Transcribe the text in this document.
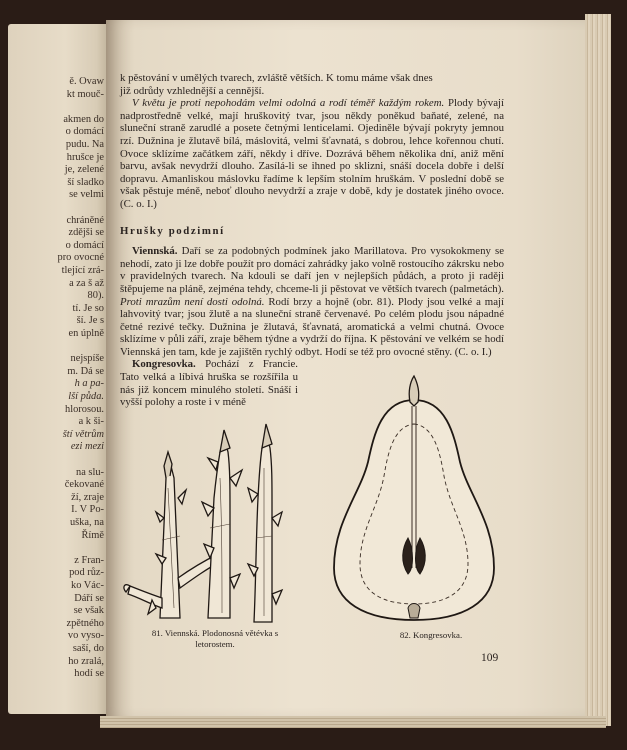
ě. Ovaw
kt mouč-
akmen do
o domácí
pudu. Na
hrušce je
je, zelené
ší sladko
se velmi
chráněné
zdějši se
o domácí
pro ovocné
tlející zrá-
a za š až
80).
tí. Je so
ší. Je s
en úplně
nejspíše
m. Dá se
h a pa-
lší půda.
hlorosou.
a k ši-
ští větrům
ezi mezi
na slu-
čekované
ží, zraje
I. V Po-
uška, na
Římě
z Fran-
pod růz-
ko Vác-
Dáří se
se však
zpětného
vo vyso-
saší, do
ho zralá,
hodí se

k pěstování v umělých tvarech, zvláště větších. K tomu máme však dnes

již odrůdy vzhlednější a cennější.

V květu je proti nepohodám velmi odolná a rodí téměř každým rokem. Plody bývají nadprostředně velké, mají hruškovitý tvar, jsou někdy poněkud baňaté, zelené, na sluneční straně zarudlé a posete četnými lenticelami. Ojediněle bývají pokryty jemnou rzí. Dužnina je žlutavě bílá, máslovitá, velmi šťavnatá, s dobrou, lehce kořennou chutí. Ovoce sklízíme začátkem září, někdy i dříve. Dozrává během několika dní, aniž mění barvu, avšak nevydrží dlouho. Zasílá-li se ihned po sklizni, snáší docela dobře i delší dopravu. Amanliskou máslovku řadíme k lepším stolním hruškám. V poslední době se však pěstuje méně, neboť dlouho nevydrží a zraje v době, kdy je dostatek jiného ovoce. (C. o. I.)

Hrušky podzimní

Viennská. Daří se za podobných podmínek jako Marillatova. Pro vysokokmeny se nehodí, zato ji lze dobře použít pro domácí zahrádky jako volně rostoucího zákrsku nebo v pravidelných tvarech. Na kdouli se daří jen v nejlepších půdách, a proto ji raději štěpujeme na pláně, zejména tehdy, chceme-li ji pěstovat ve větších tvarech (palmetách). Proti mrazům není dosti odolná. Rodí brzy a hojně (obr. 81). Plody jsou velké a mají lahvovitý tvar; jsou žlutě a na sluneční straně červenavé. Po celém plodu jsou nápadné četné rezivé tečky. Dužnina je žlutavá, šťavnatá, aromatická a velmi chutná. Ovoce sklízíme v půli září, zraje během týdne a vydrží do října. K pěstování ve velkém se hodí Viennská jen tam, kde je zajištěn rychlý odbyt. Hodí se též pro ovocné stěny. (C. o. I.)

Kongresovka. Pochází z Francie. Tato velká a líbivá hruška se rozšířila u nás již koncem minulého století. Snáší i vyšší polohy a roste i v méně

81. Viennská. Plodonosná větévka s letorostem.
82. Kongresovka.
109
